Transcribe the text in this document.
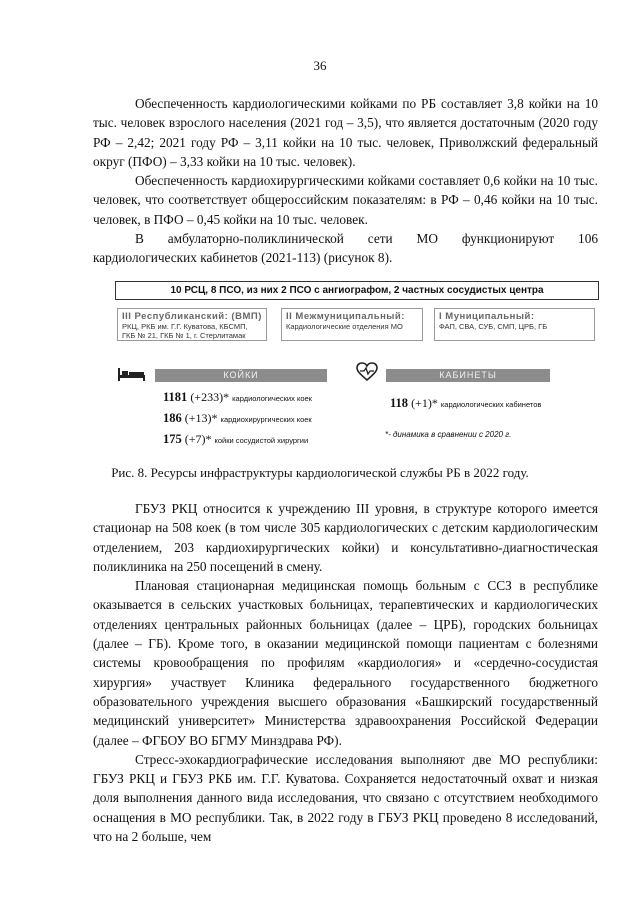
36

Обеспеченность кардиологическими койками по РБ составляет 3,8 койки на 10 тыс. человек взрослого населения (2021 год – 3,5), что является достаточным (2020 году РФ – 2,42; 2021 году РФ – 3,11 койки на 10 тыс. человек, Приволжский федеральный округ (ПФО) – 3,33 койки на 10 тыс. человек).

Обеспеченность кардиохирургическими койками составляет 0,6 койки на 10 тыс. человек, что соответствует общероссийским показателям: в РФ – 0,46 койки на 10 тыс. человек, в ПФО – 0,45 койки на 10 тыс. человек.

В амбулаторно-поликлинической сети МО функционируют 106 кардиологических кабинетов (2021-113) (рисунок 8).

10 РСЦ, 8 ПСО, из них 2 ПСО с ангиографом, 2 частных сосудистых центра
III Республиканский: (ВМП)
РКЦ, РКБ им. Г.Г. Куватова, КБСМП,
ГКБ № 21, ГКБ № 1, г. Стерлитамак
II Межмуниципальный:
Кардиологические отделения МО
I Муниципальный:
ФАП, СВА, СУБ, СМП, ЦРБ, ГБ
КОЙКИ	КАБИНЕТЫ
1181 (+233)* кардиологических коек
186 (+13)* кардиохирургических коек
175 (+7)* койки сосудистой хирургии
118 (+1)* кардиологических кабинетов
*- динамика в сравнении с 2020 г.
Рис. 8. Ресурсы инфраструктуры кардиологической службы РБ в 2022 году.

ГБУЗ РКЦ относится к учреждению III уровня, в структуре которого имеется стационар на 508 коек (в том числе 305 кардиологических с детским кардиологическим отделением, 203 кардиохирургических койки) и консультативно-диагностическая поликлиника на 250 посещений в смену.

Плановая стационарная медицинская помощь больным с ССЗ в республике оказывается в сельских участковых больницах, терапевтических и кардиологических отделениях центральных районных больницах (далее – ЦРБ), городских больницах (далее – ГБ). Кроме того, в оказании медицинской помощи пациентам с болезнями системы кровообращения по профилям «кардиология» и «сердечно-сосудистая хирургия» участвует Клиника федерального государственного бюджетного образовательного учреждения высшего образования «Башкирский государственный медицинский университет» Министерства здравоохранения Российской Федерации (далее – ФГБОУ ВО БГМУ Минздрава РФ).

Стресс-эхокардиографические исследования выполняют две МО республики: ГБУЗ РКЦ и ГБУЗ РКБ им. Г.Г. Куватова. Сохраняется недостаточный охват и низкая доля выполнения данного вида исследования, что связано с отсутствием необходимого оснащения в МО республики. Так, в 2022 году в ГБУЗ РКЦ проведено 8 исследований, что на 2 больше, чем
